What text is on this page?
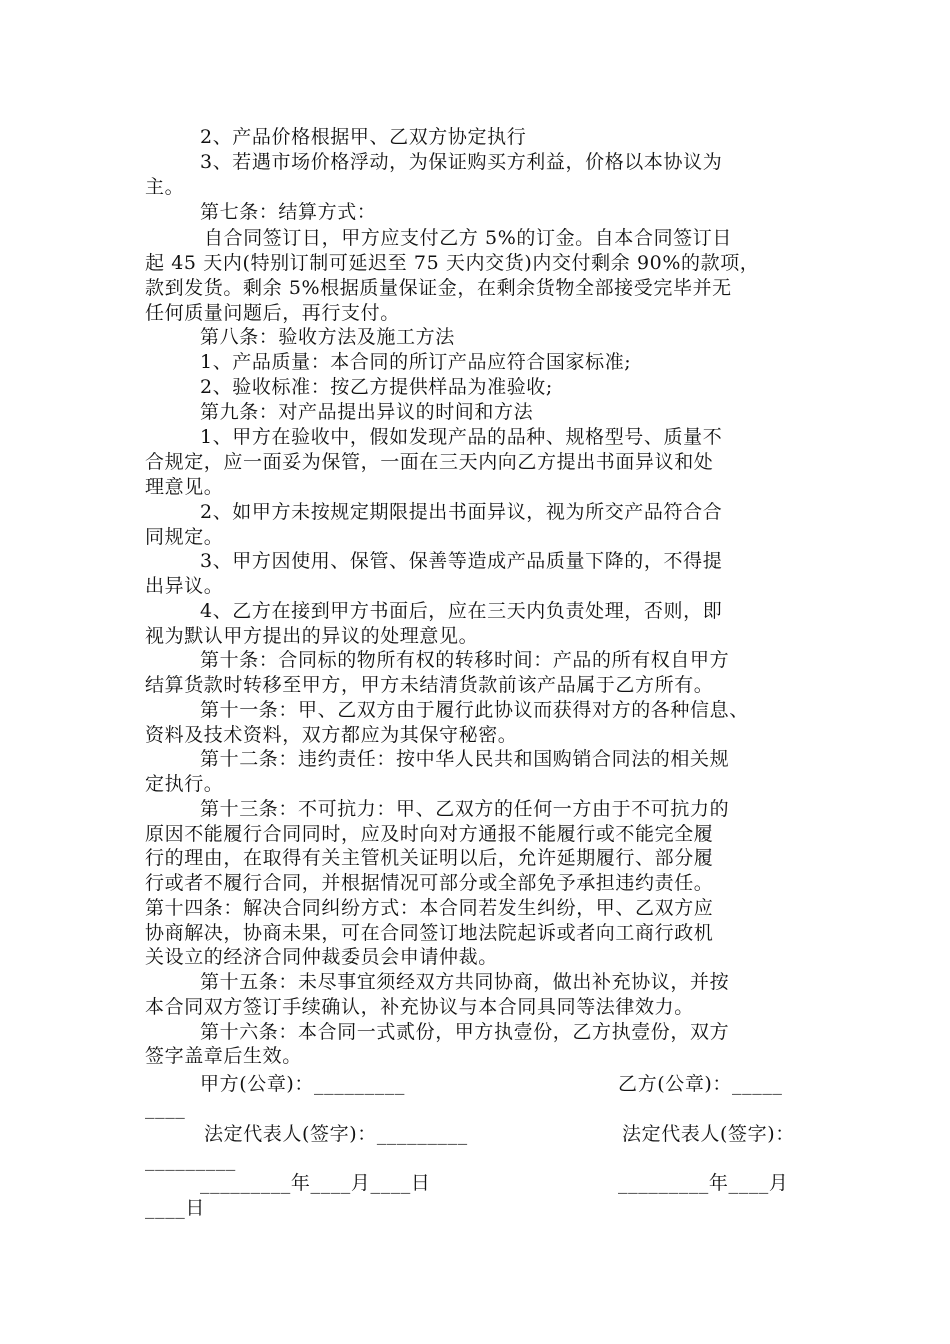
2、产品价格根据甲、乙双方协定执行
3、若遇市场价格浮动，为保证购买方利益，价格以本协议为
主。
第七条：结算方式：
自合同签订日，甲方应支付乙方 5%的订金。自本合同签订日
起 45 天内(特别订制可延迟至 75 天内交货)内交付剩余 90%的款项，
款到发货。剩余 5%根据质量保证金，在剩余货物全部接受完毕并无
任何质量问题后，再行支付。
第八条：验收方法及施工方法
1、产品质量：本合同的所订产品应符合国家标准;
2、验收标准：按乙方提供样品为准验收;
第九条：对产品提出异议的时间和方法
1、甲方在验收中，假如发现产品的品种、规格型号、质量不
合规定，应一面妥为保管，一面在三天内向乙方提出书面异议和处
理意见。
2、如甲方未按规定期限提出书面异议，视为所交产品符合合
同规定。
3、甲方因使用、保管、保善等造成产品质量下降的，不得提
出异议。
4、乙方在接到甲方书面后，应在三天内负责处理，否则，即
视为默认甲方提出的异议的处理意见。
第十条：合同标的物所有权的转移时间：产品的所有权自甲方
结算货款时转移至甲方，甲方未结清货款前该产品属于乙方所有。
第十一条：甲、乙双方由于履行此协议而获得对方的各种信息、
资料及技术资料，双方都应为其保守秘密。
第十二条：违约责任：按中华人民共和国购销合同法的相关规
定执行。
第十三条：不可抗力：甲、乙双方的任何一方由于不可抗力的
原因不能履行合同同时，应及时向对方通报不能履行或不能完全履
行的理由，在取得有关主管机关证明以后，允许延期履行、部分履
行或者不履行合同，并根据情况可部分或全部免予承担违约责任。
第十四条：解决合同纠纷方式：本合同若发生纠纷，甲、乙双方应
协商解决，协商未果，可在合同签订地法院起诉或者向工商行政机
关设立的经济合同仲裁委员会申请仲裁。
第十五条：未尽事宜须经双方共同协商，做出补充协议，并按
本合同双方签订手续确认，补充协议与本合同具同等法律效力。
第十六条：本合同一式贰份，甲方执壹份，乙方执壹份，双方
签字盖章后生效。
甲方(公章)：_________	乙方(公章)：_____
____
法定代表人(签字)：_________	法定代表人(签字)：
_________
_________年____月____日	_________年____月
____日
